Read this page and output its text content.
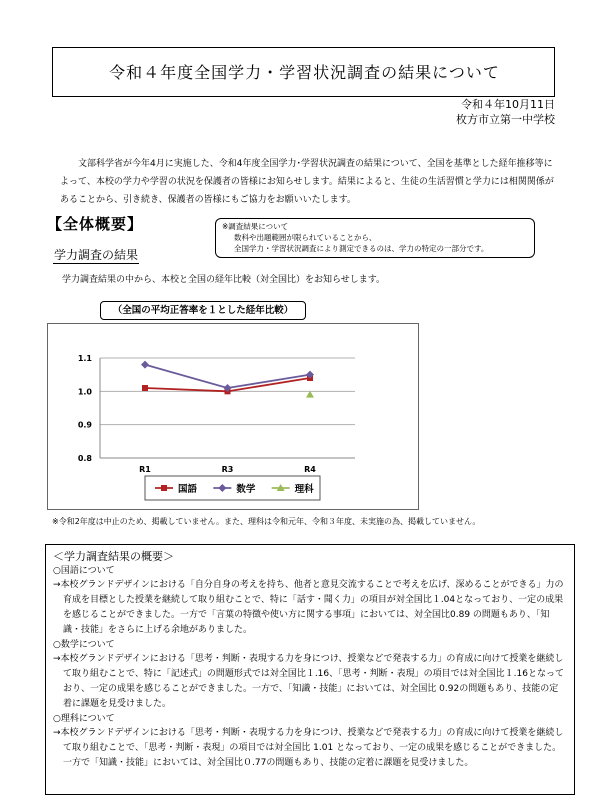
令和４年度全国学力・学習状況調査の結果について
令和４年10月11日
枚方市立第一中学校
文部科学省が今年4月に実施した、令和4年度全国学力･学習状況調査の結果について、全国を基準とした経年推移等によって、本校の学力や学習の状況を保護者の皆様にお知らせします。結果によると、生徒の生活習慣と学力には相関関係があることから、引き続き、保護者の皆様にもご協力をお願いいたします。
【全体概要】	※調査結果について
数科や出題範囲が限られていることから、
全国学力・学習状況調査により測定できるのは、学力の特定の一部分です。
学力調査の結果
学力調査結果の中から、本校と全国の経年比較（対全国比）をお知らせします。
0.8
0.9
1.0
1.1
R1	R3	R4
国語	数学	理科
（全国の平均正答率を１とした経年比較）
※令和2年度は中止のため、掲載していません。また、理科は令和元年、令和３年度、未実施の為、掲載していません。
＜学力調査結果の概要＞
○国語について
→本校グランドデザインにおける「自分自身の考えを持ち、他者と意見交流することで考えを広げ、深めることができる」力の育成を目標とした授業を継続して取り組むことで、特に「話す・聞く力」の項目が対全国比１.04となっており、一定の成果を感じることができました。一方で「言葉の特徴や使い方に関する事項」においては、対全国比0.89 の問題もあり、「知識・技能」をさらに上げる余地がありました。
○数学について
→本校グランドデザインにおける「思考・判断・表現する力を身につけ、授業などで発表する力」の育成に向けて授業を継続して取り組むことで、特に「記述式」の問題形式では対全国比１.16、「思考・判断・表現」の項目では対全国比１.16となっており、一定の成果を感じることができました。一方で、「知識・技能」においては、対全国比 0.92の問題もあり、技能の定着に課題を見受けました。
○理科について
→本校グランドデザインにおける「思考・判断・表現する力を身につけ、授業などで発表する力」の育成に向けて授業を継続して取り組むことで、「思考・判断・表現」の項目では対全国比 1.01 となっており、一定の成果を感じることができました。一方で「知識・技能」においては、対全国比０.77の問題もあり、技能の定着に課題を見受けました。
